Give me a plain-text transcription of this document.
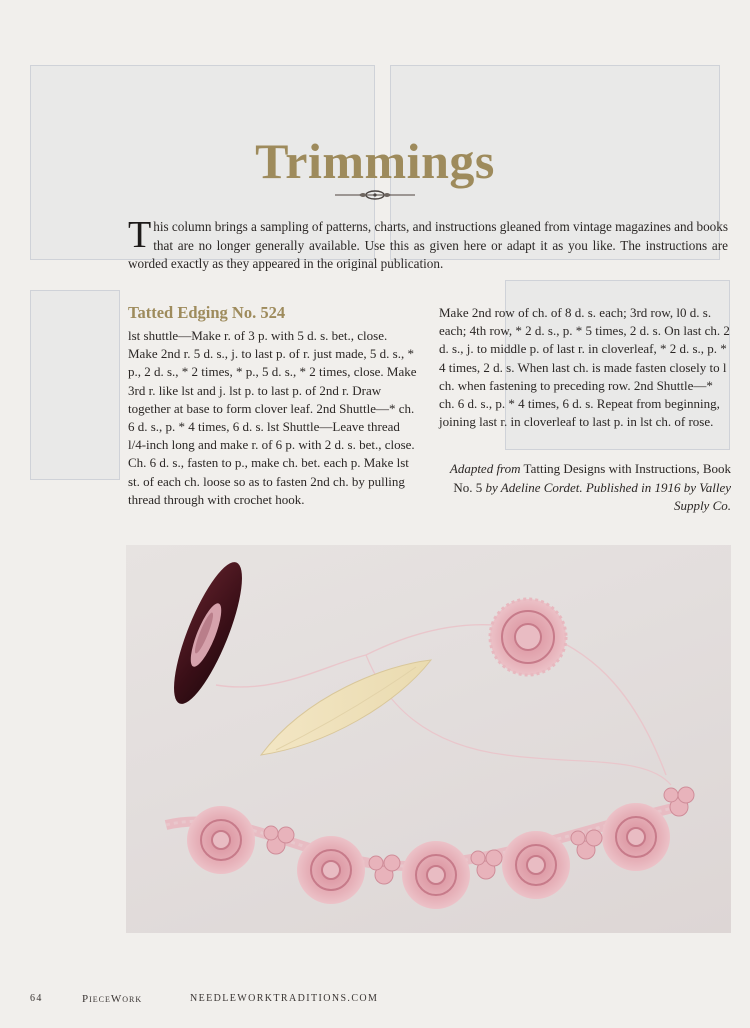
Trimmings

This column brings a sampling of patterns, charts, and instructions gleaned from vintage magazines and books that are no longer generally available. Use this as given here or adapt it as you like. The instructions are worded exactly as they appeared in the original publication.

Tatted Edging No. 524

lst shuttle—Make r. of 3 p. with 5 d. s. bet., close. Make 2nd r. 5 d. s., j. to last p. of r. just made, 5 d. s., * p., 2 d. s., * 2 times, * p., 5 d. s., * 2 times, close. Make 3rd r. like lst and j. lst p. to last p. of 2nd r. Draw together at base to form clover leaf. 2nd Shuttle—* ch. 6 d. s., p. * 4 times, 6 d. s. lst Shuttle—Leave thread l/4-inch long and make r. of 6 p. with 2 d. s. bet., close. Ch. 6 d. s., fasten to p., make ch. bet. each p. Make lst st. of each ch. loose so as to fasten 2nd ch. by pulling thread through with crochet hook.

Make 2nd row of ch. of 8 d. s. each; 3rd row, l0 d. s. each; 4th row, * 2 d. s., p. * 5 times, 2 d. s. On last ch. 2 d. s., j. to middle p. of last r. in cloverleaf, * 2 d. s., p. * 4 times, 2 d. s. When last ch. is made fasten closely to l ch. when fastening to preceding row. 2nd Shuttle—* ch. 6 d. s., p. * 4 times, 6 d. s. Repeat from beginning, joining last r. in cloverleaf to last p. in lst ch. of rose.

Adapted from Tatting Designs with Instructions, Book No. 5 by Adeline Cordet. Published in 1916 by Valley Supply Co.

64	PieceWork	NEEDLEWORKTRADITIONS.COM
